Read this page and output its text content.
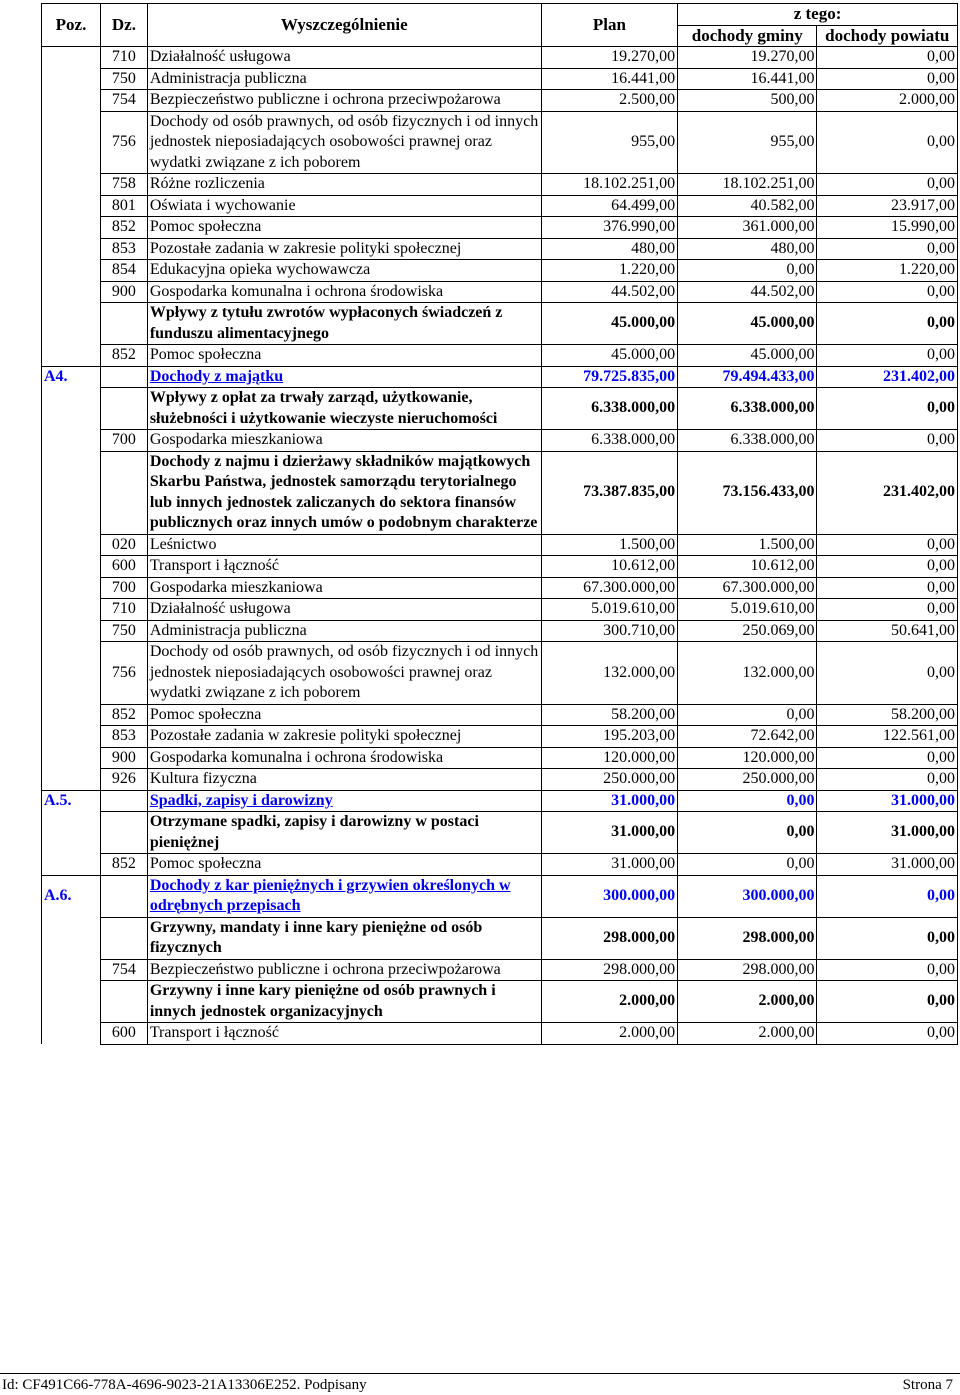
Poz.	Dz.	Wyszczególnienie	Plan	z tego:	
				dochody gminy	dochody powiatu
	710	Działalność usługowa	19.270,00	19.270,00	0,00
	750	Administracja publiczna	16.441,00	16.441,00	0,00
	754	Bezpieczeństwo publiczne i ochrona przeciwpożarowa	2.500,00	500,00	2.000,00
	756	Dochody od osób prawnych, od osób fizycznych i od innych jednostek nieposiadających osobowości prawnej oraz wydatki związane z ich poborem	955,00	955,00	0,00
	758	Różne rozliczenia	18.102.251,00	18.102.251,00	0,00
	801	Oświata i wychowanie	64.499,00	40.582,00	23.917,00
	852	Pomoc społeczna	376.990,00	361.000,00	15.990,00
	853	Pozostałe zadania w zakresie polityki społecznej	480,00	480,00	0,00
	854	Edukacyjna opieka wychowawcza	1.220,00	0,00	1.220,00
	900	Gospodarka komunalna i ochrona środowiska	44.502,00	44.502,00	0,00
		Wpływy z tytułu zwrotów wypłaconych świadczeń z funduszu alimentacyjnego	45.000,00	45.000,00	0,00
	852	Pomoc społeczna	45.000,00	45.000,00	0,00
A4.		Dochody z majątku	79.725.835,00	79.494.433,00	231.402,00
		Wpływy z opłat za trwały zarząd, użytkowanie, służebności i użytkowanie wieczyste nieruchomości	6.338.000,00	6.338.000,00	0,00
	700	Gospodarka mieszkaniowa	6.338.000,00	6.338.000,00	0,00
		Dochody z najmu i dzierżawy składników majątkowych Skarbu Państwa, jednostek samorządu terytorialnego lub innych jednostek zaliczanych do sektora finansów publicznych oraz innych umów o podobnym charakterze	73.387.835,00	73.156.433,00	231.402,00
	020	Leśnictwo	1.500,00	1.500,00	0,00
	600	Transport i łączność	10.612,00	10.612,00	0,00
	700	Gospodarka mieszkaniowa	67.300.000,00	67.300.000,00	0,00
	710	Działalność usługowa	5.019.610,00	5.019.610,00	0,00
	750	Administracja publiczna	300.710,00	250.069,00	50.641,00
	756	Dochody od osób prawnych, od osób fizycznych i od innych jednostek nieposiadających osobowości prawnej oraz wydatki związane z ich poborem	132.000,00	132.000,00	0,00
	852	Pomoc społeczna	58.200,00	0,00	58.200,00
	853	Pozostałe zadania w zakresie polityki społecznej	195.203,00	72.642,00	122.561,00
	900	Gospodarka komunalna i ochrona środowiska	120.000,00	120.000,00	0,00
	926	Kultura fizyczna	250.000,00	250.000,00	0,00
A.5.		Spadki, zapisy i darowizny	31.000,00	0,00	31.000,00
		Otrzymane spadki, zapisy i darowizny w postaci pieniężnej	31.000,00	0,00	31.000,00
	852	Pomoc społeczna	31.000,00	0,00	31.000,00
A.6.		Dochody z kar pieniężnych i grzywien określonych w odrębnych przepisach	300.000,00	300.000,00	0,00
		Grzywny, mandaty i inne kary pieniężne od osób fizycznych	298.000,00	298.000,00	0,00
	754	Bezpieczeństwo publiczne i ochrona przeciwpożarowa	298.000,00	298.000,00	0,00
		Grzywny i inne kary pieniężne od osób prawnych i innych jednostek organizacyjnych	2.000,00	2.000,00	0,00
	600	Transport i łączność	2.000,00	2.000,00	0,00
Id: CF491C66-778A-4696-9023-21A13306E252. Podpisany	Strona 7
